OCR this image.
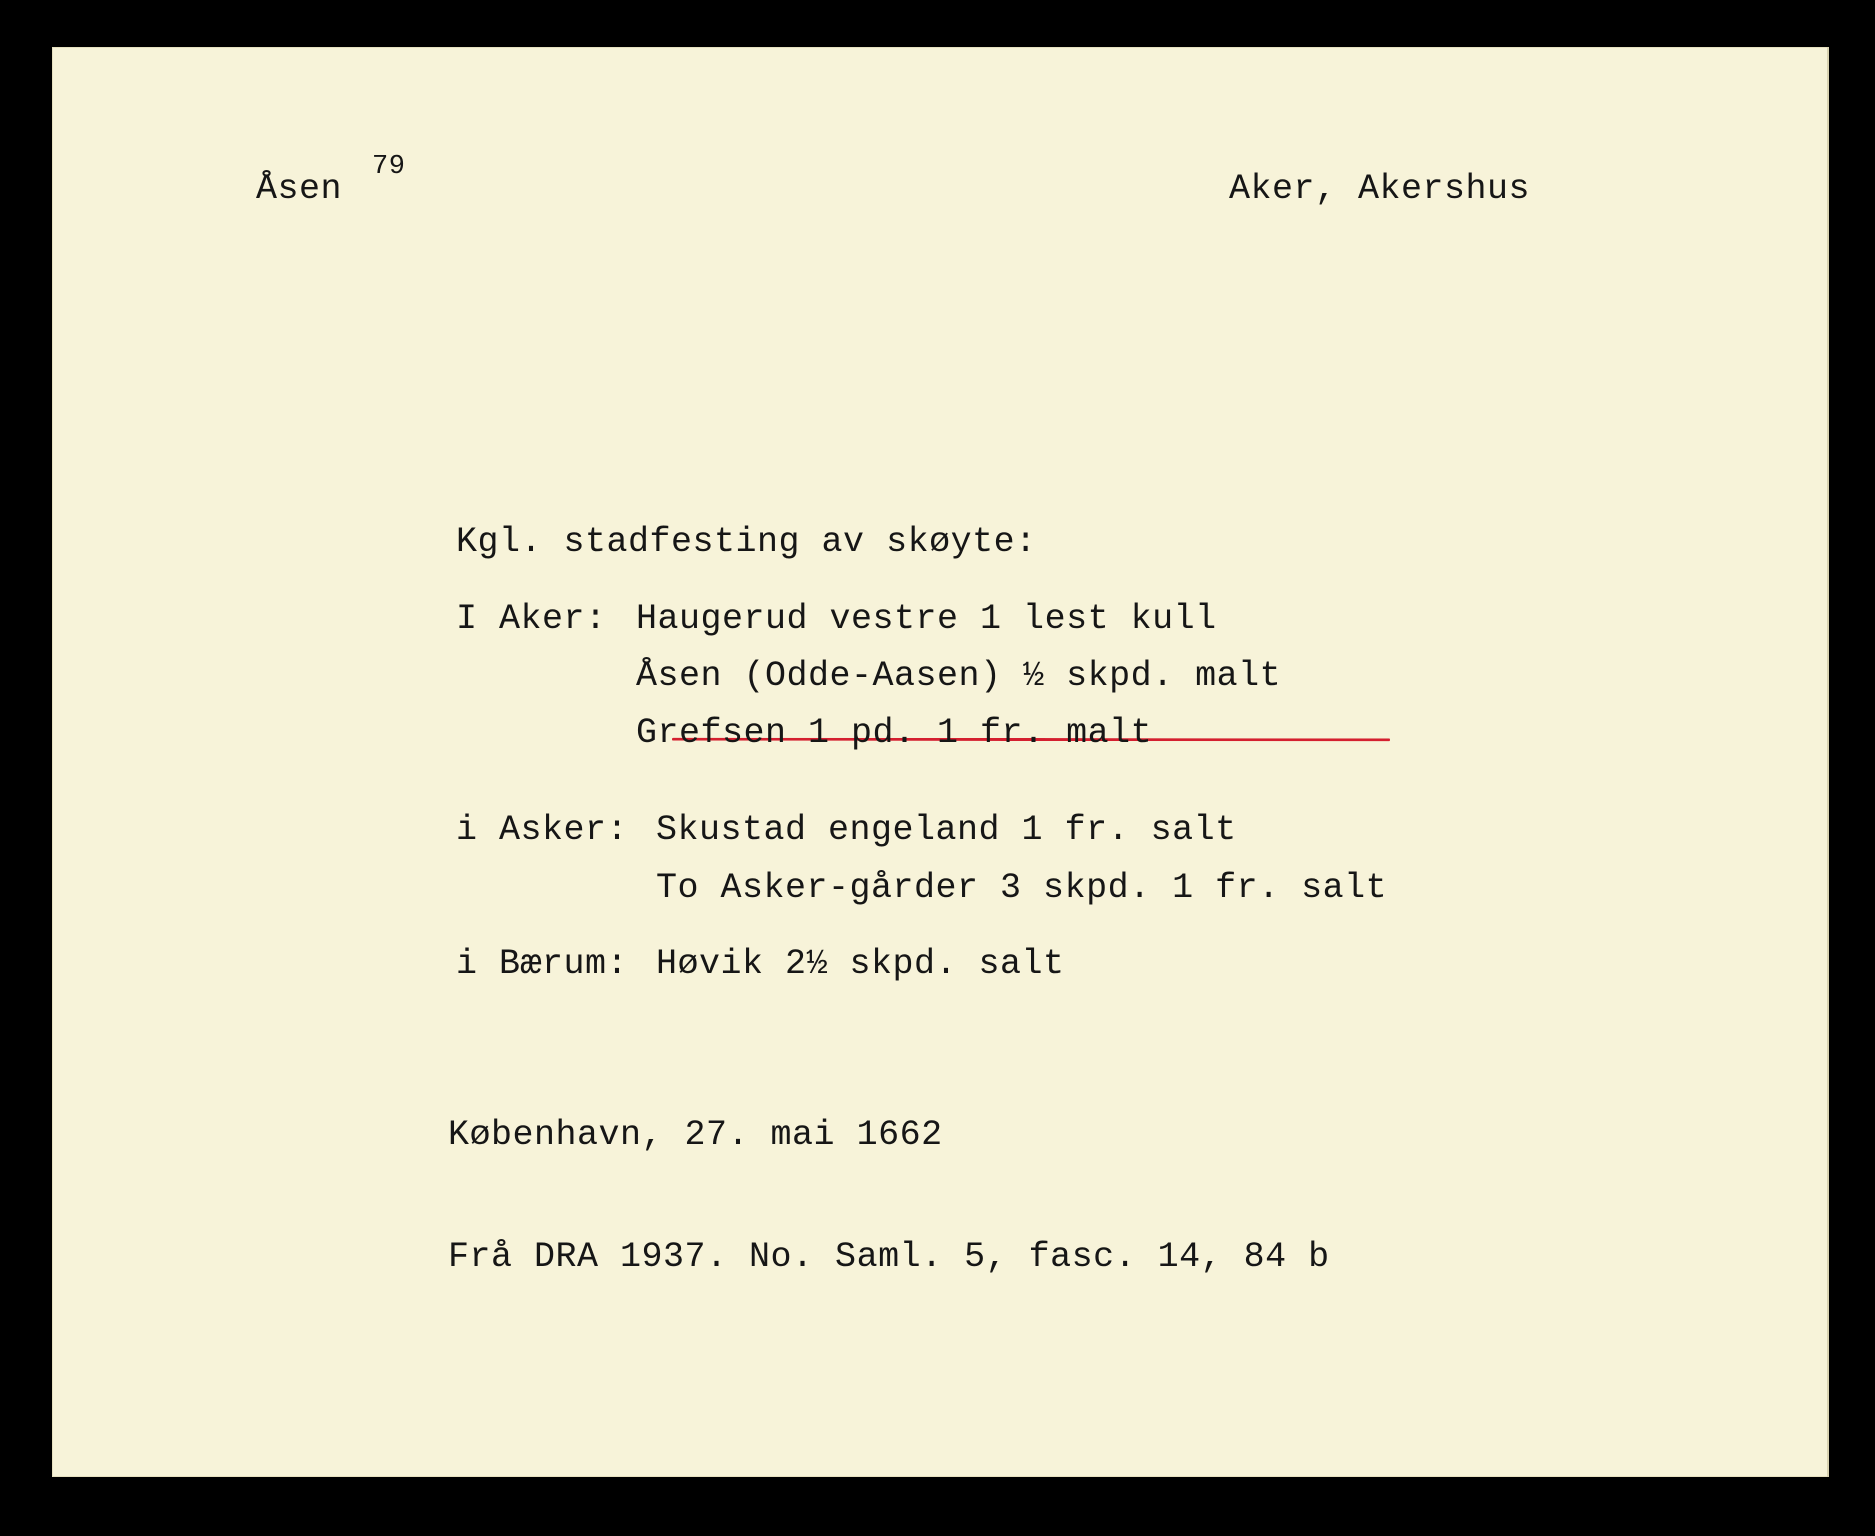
Åsen
79
Aker, Akershus
Kgl. stadfesting av skøyte:
I Aker: Haugerud vestre 1 lest kull
Åsen (Odde-Aasen) ½ skpd. malt
Grefsen 1 pd. 1 fr. malt
i Asker: Skustad engeland 1 fr. salt
To Asker-gårder 3 skpd. 1 fr. salt
i Bærum: Høvik 2½ skpd. salt
København, 27. mai 1662
Frå DRA 1937. No. Saml. 5, fasc. 14, 84 b
